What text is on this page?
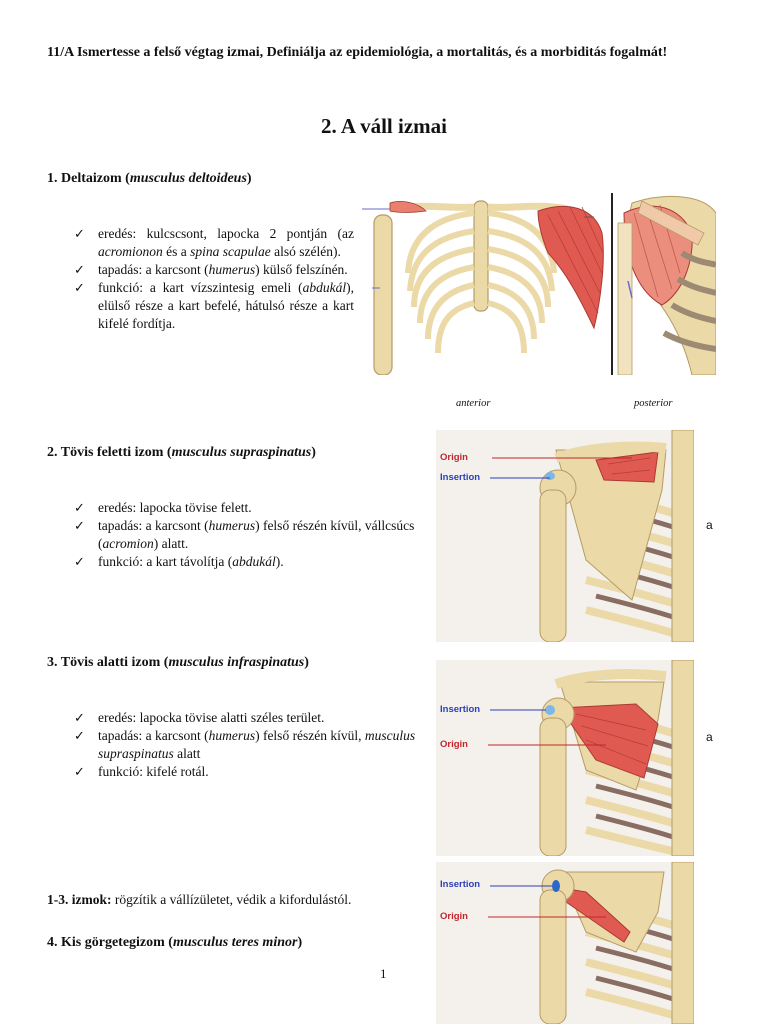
11/A Ismertesse a felső végtag izmai, Definiálja az epidemiológia, a mortalitás, és a morbiditás fogalmát!
2. A váll izmai
1. Deltaizom (musculus deltoideus)
✓ eredés: kulcscsont, lapocka 2 pontján (az acromionon és a spina scapulae alsó szélén).
✓ tapadás: a karcsont (humerus) külső felszínén.
✓ funkció: a kart vízszintesig emeli (abdukál), elülső része a kart befelé, hátulsó része a kart kifelé fordítja.
anterior	posterior
2. Tövis feletti izom (musculus supraspinatus)
✓ eredés: lapocka tövise felett.
✓ tapadás: a karcsont (humerus) felső részén kívül, vállcsúcs (acromion) alatt.
✓ funkció: a kart távolítja (abdukál).
Origin
Insertion
a
3. Tövis alatti izom (musculus infraspinatus)
✓ eredés: lapocka tövise alatti széles terület.
✓ tapadás: a karcsont (humerus) felső részén kívül, musculus supraspinatus alatt
✓ funkció: kifelé rotál.
Insertion
Origin
a
Insertion
Origin
1-3. izmok: rögzítik a vállízületet, védik a kifordulástól.
4. Kis görgetegizom (musculus teres minor)
1
